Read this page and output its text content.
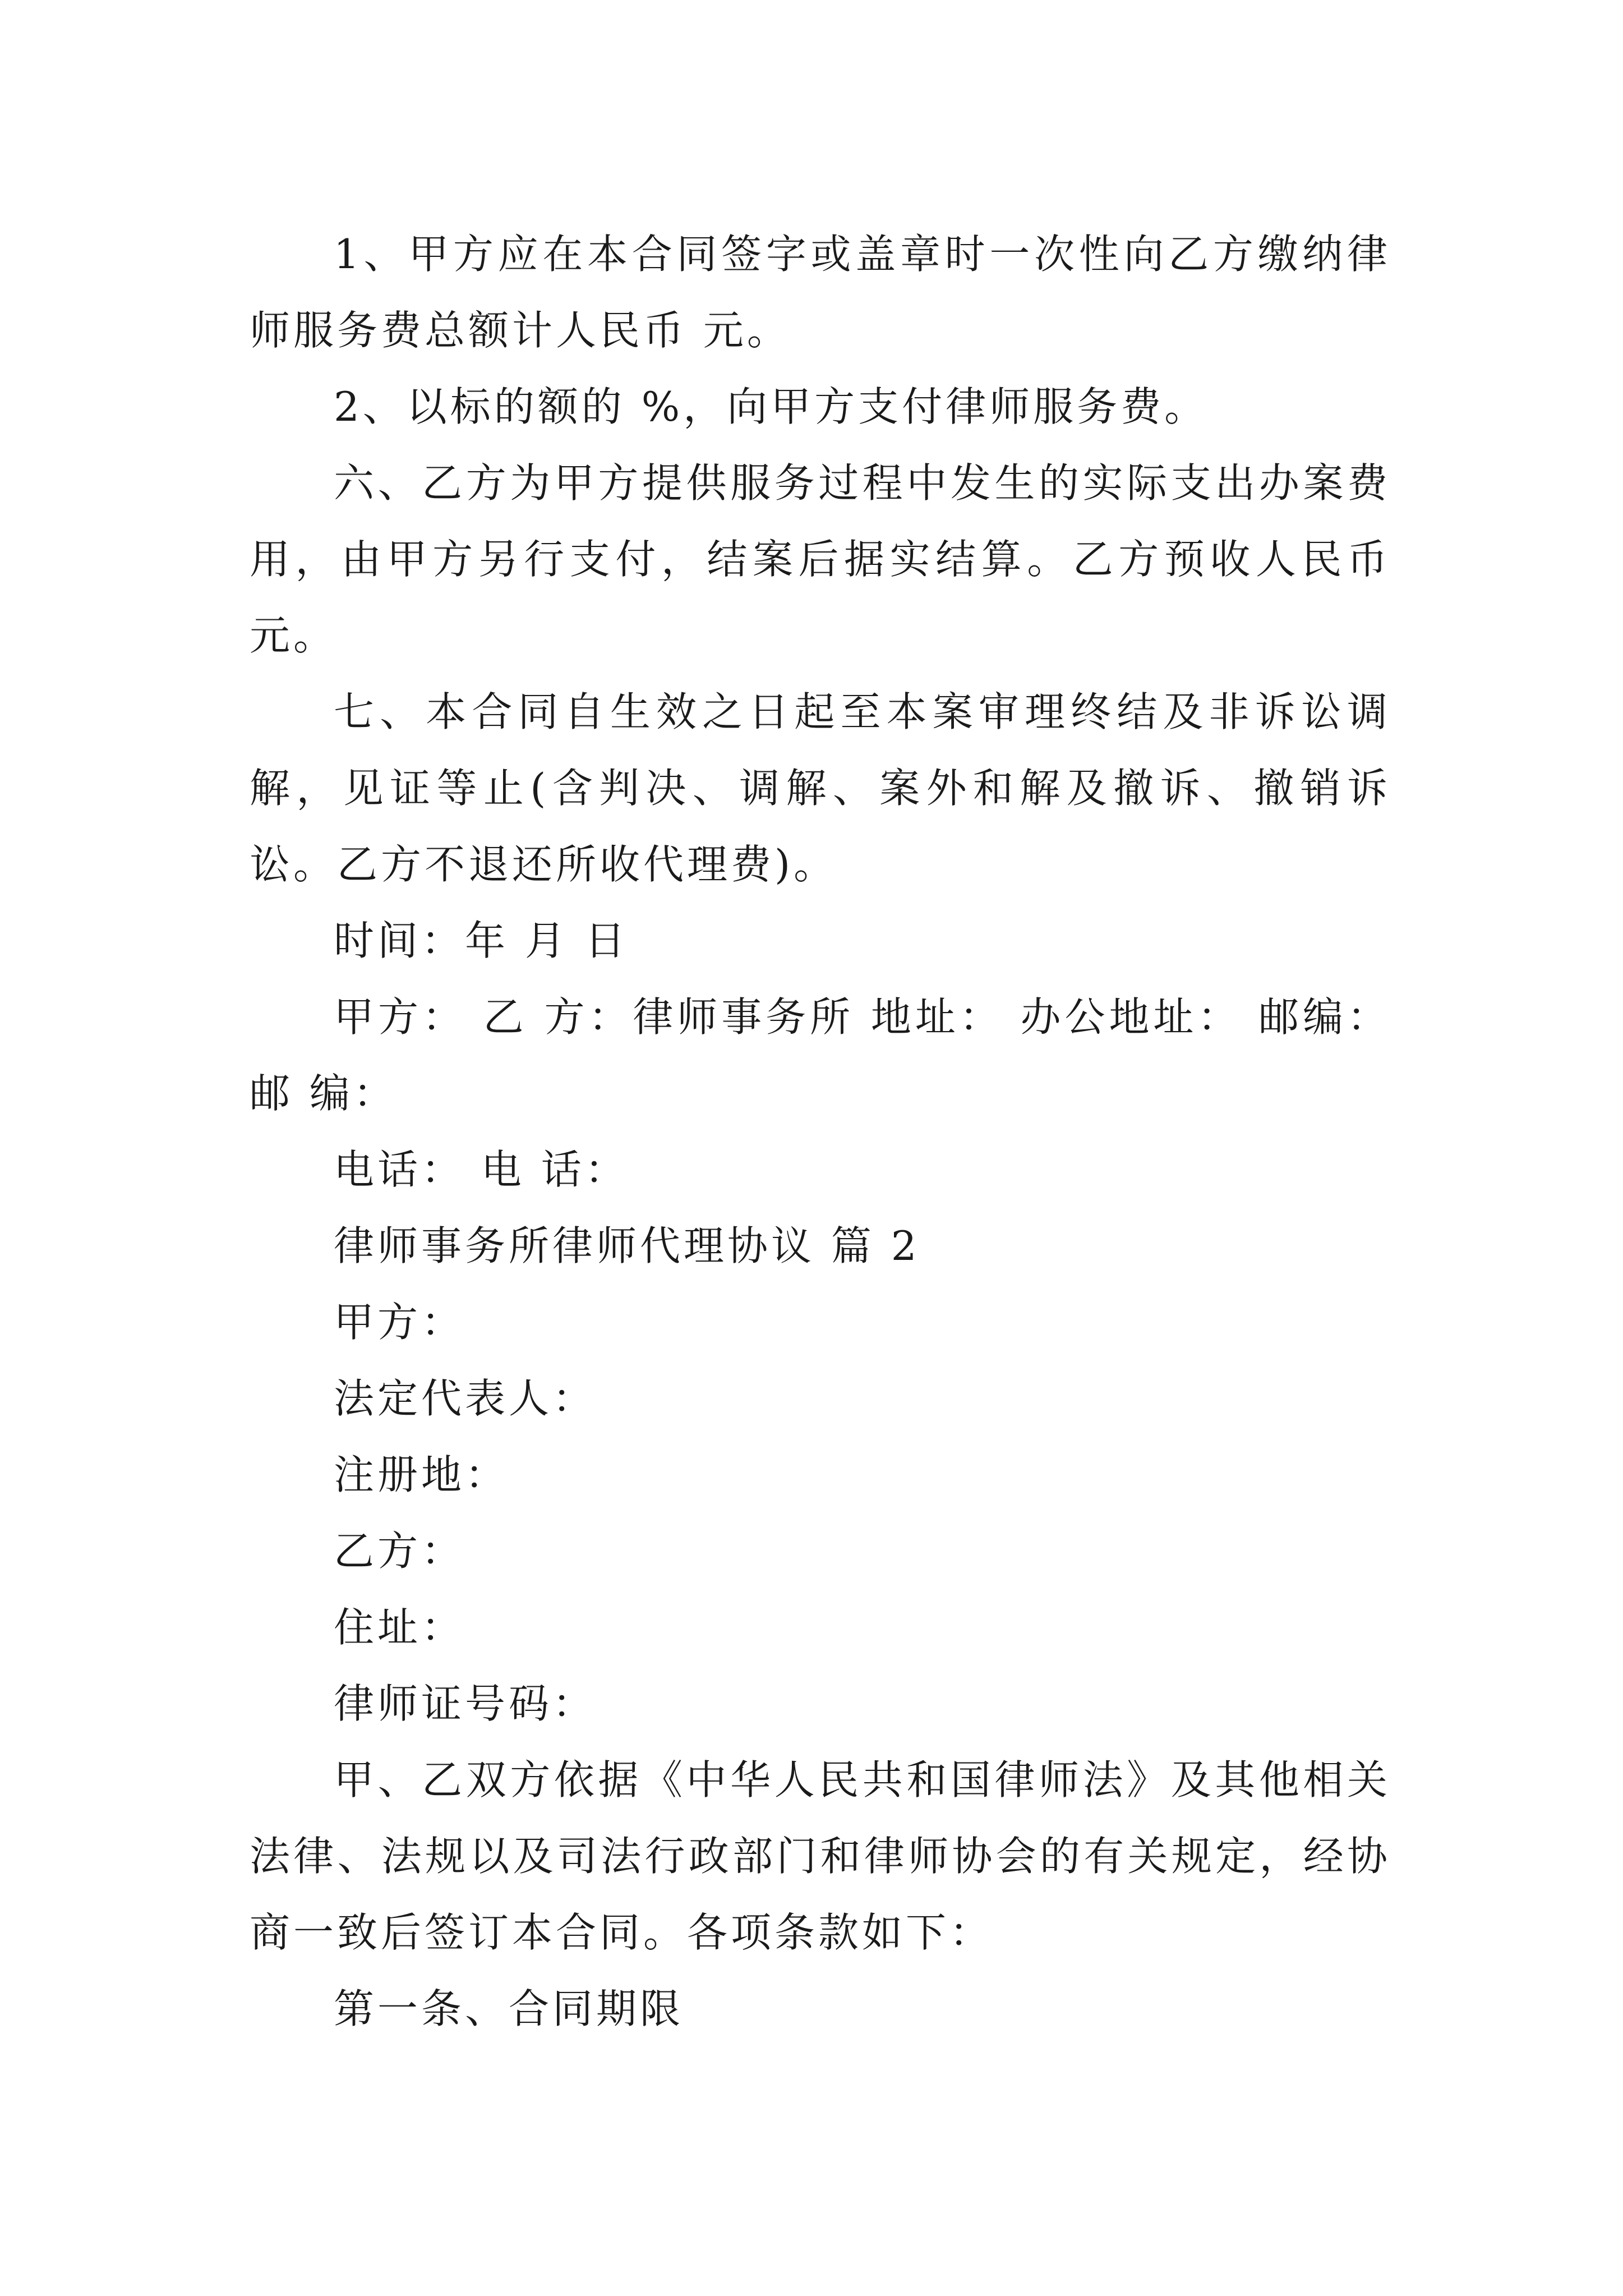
1、甲方应在本合同签字或盖章时一次性向乙方缴纳律师服务费总额计人民币 元。

2、以标的额的 %，向甲方支付律师服务费。

六、乙方为甲方提供服务过程中发生的实际支出办案费用，由甲方另行支付，结案后据实结算。乙方预收人民币 元。

七、本合同自生效之日起至本案审理终结及非诉讼调解，见证等止(含判决、调解、案外和解及撤诉、撤销诉讼。乙方不退还所收代理费)。

时间：年 月 日

甲方： 乙 方：律师事务所 地址： 办公地址： 邮编：邮 编：

电话： 电 话：

律师事务所律师代理协议 篇 2

甲方：

法定代表人：

注册地：

乙方：

住址：

律师证号码：

甲、乙双方依据《中华人民共和国律师法》及其他相关法律、法规以及司法行政部门和律师协会的有关规定，经协商一致后签订本合同。各项条款如下：

第一条、合同期限
